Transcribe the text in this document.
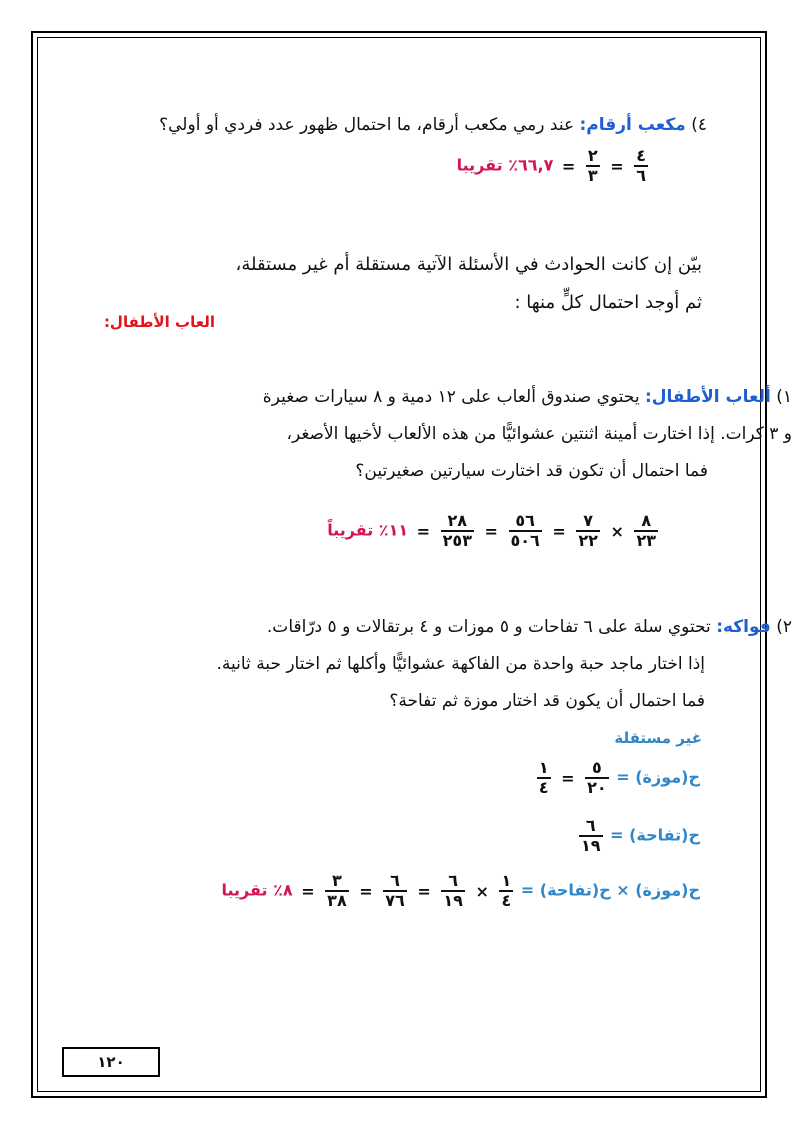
٤) مكعب أرقام: عند رمي مكعب أرقام، ما احتمال ظهور عدد فردي أو أولي؟
$\frac{٤}{٦}$
=
$\frac{٢}{٣}$
= ٦٦,٧٪ تقريبا
بيّن إن كانت الحوادث في الأسئلة الآتية مستقلة أم غير مستقلة،
ثم أوجد احتمال كلٍّ منها :
العاب الأطفال:
١) ألعاب الأطفال: يحتوي صندوق ألعاب على ١٢ دمية و ٨ سيارات صغيرة
و ٣ كرات. إذا اختارت أمينة اثنتين عشوائيًّا من هذه الألعاب لأخيها الأصغر،
فما احتمال أن تكون قد اختارت سيارتين صغيرتين؟
$\frac{٨}{٢٣}$
×
$\frac{٧}{٢٢}$
=
$\frac{٥٦}{٥٠٦}$
=
$\frac{٢٨}{٢٥٣}$
= ١١٪ تقريباً
٢) فواكه: تحتوي سلة على ٦ تفاحات و ٥ موزات و ٤ برتقالات و ٥ درّاقات.
إذا اختار ماجد حبة واحدة من الفاكهة عشوائيًّا وأكلها ثم اختار حبة ثانية.
فما احتمال أن يكون قد اختار موزة ثم تفاحة؟
غير مستقلة
ح(موزة) =
$\frac{٥}{٢٠}$
=
$\frac{١}{٤}$
ح(تفاحة) =
$\frac{٦}{١٩}$
ح(موزة) × ح(تفاحة) =
$\frac{١}{٤}$
×
$\frac{٦}{١٩}$
=
$\frac{٦}{٧٦}$
=
$\frac{٣}{٣٨}$
= ٨٪ تقريبا
١٢٠
